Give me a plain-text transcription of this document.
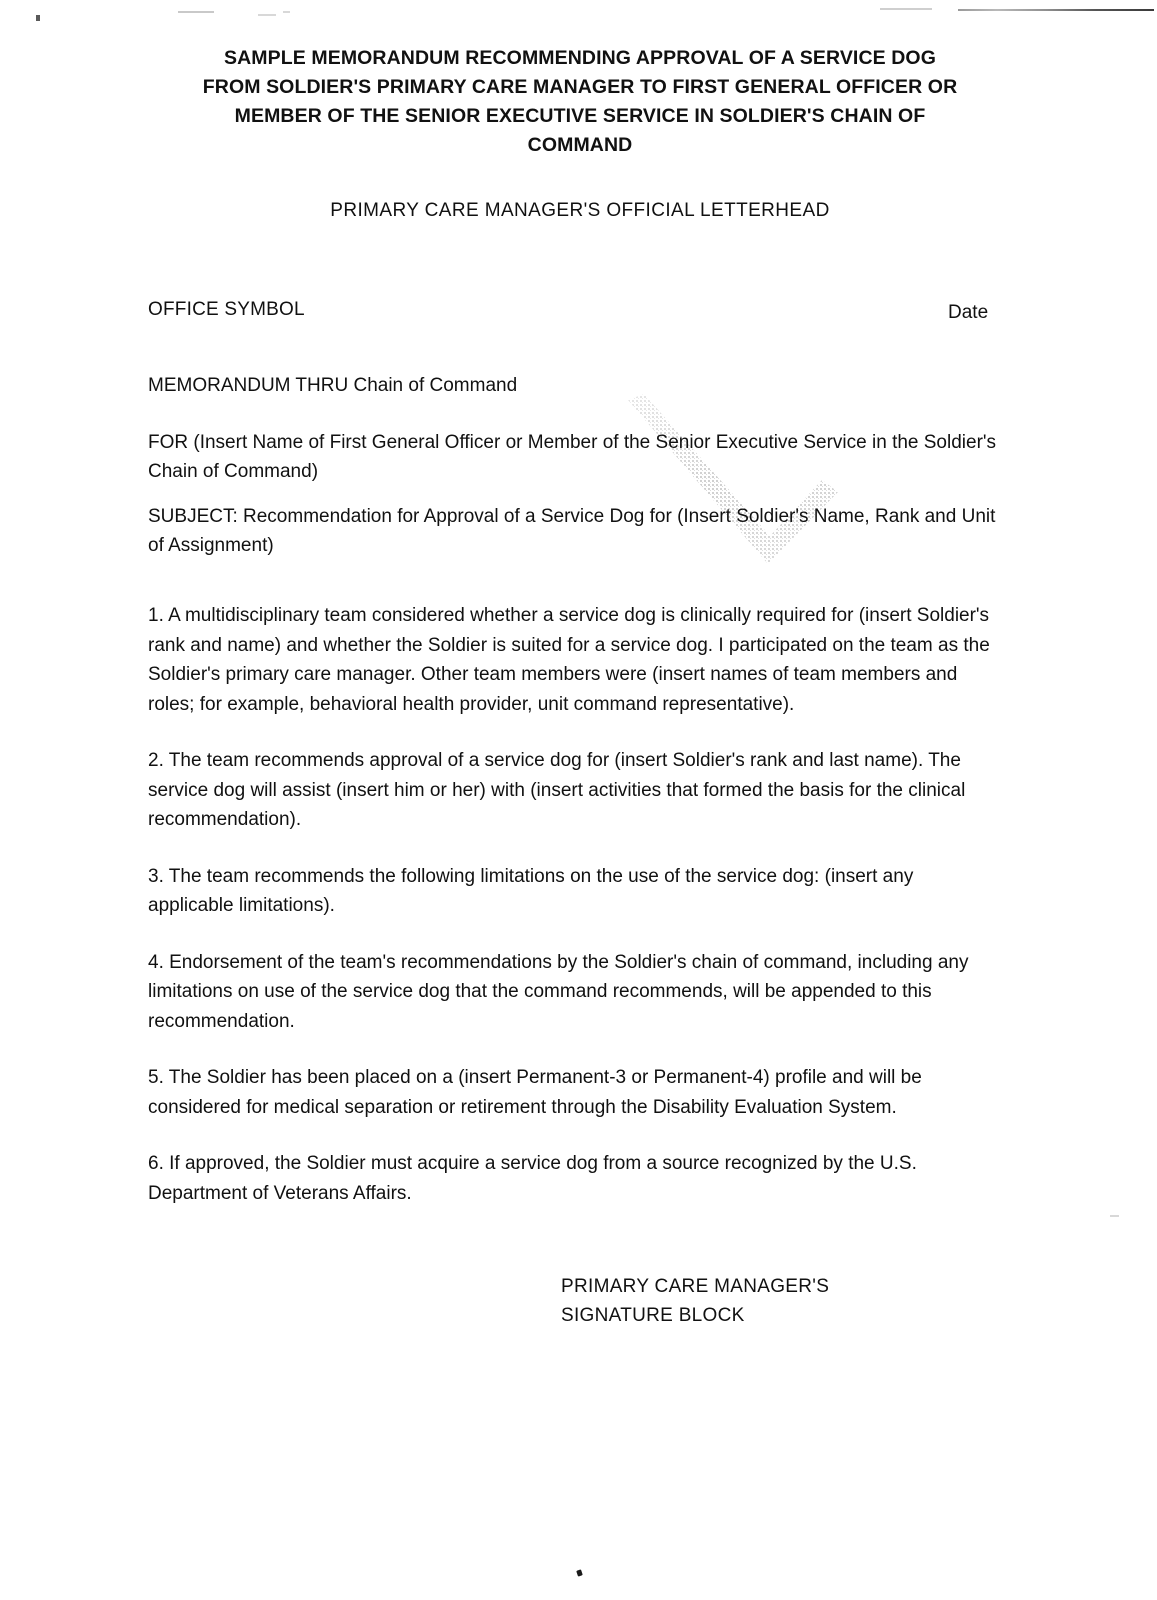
SAMPLE MEMORANDUM RECOMMENDING APPROVAL OF A SERVICE DOG
FROM SOLDIER'S PRIMARY CARE MANAGER TO FIRST GENERAL OFFICER OR
MEMBER OF THE SENIOR EXECUTIVE SERVICE IN SOLDIER'S CHAIN OF
COMMAND
PRIMARY CARE MANAGER'S OFFICIAL LETTERHEAD
OFFICE SYMBOL	Date
MEMORANDUM THRU Chain of Command
FOR (Insert Name of First General Officer or Member of the Senior Executive Service in the Soldier's Chain of Command)
SUBJECT: Recommendation for Approval of a Service Dog for (Insert Soldier's Name, Rank and Unit of Assignment)

1. A multidisciplinary team considered whether a service dog is clinically required for (insert Soldier's rank and name) and whether the Soldier is suited for a service dog. I participated on the team as the Soldier's primary care manager. Other team members were (insert names of team members and roles; for example, behavioral health provider, unit command representative).

2. The team recommends approval of a service dog for (insert Soldier's rank and last name). The service dog will assist (insert him or her) with (insert activities that formed the basis for the clinical recommendation).

3. The team recommends the following limitations on the use of the service dog: (insert any applicable limitations).

4. Endorsement of the team's recommendations by the Soldier's chain of command, including any limitations on use of the service dog that the command recommends, will be appended to this recommendation.

5. The Soldier has been placed on a (insert Permanent-3 or Permanent-4) profile and will be considered for medical separation or retirement through the Disability Evaluation System.

6. If approved, the Soldier must acquire a service dog from a source recognized by the U.S. Department of Veterans Affairs.

PRIMARY CARE MANAGER'S
SIGNATURE BLOCK
